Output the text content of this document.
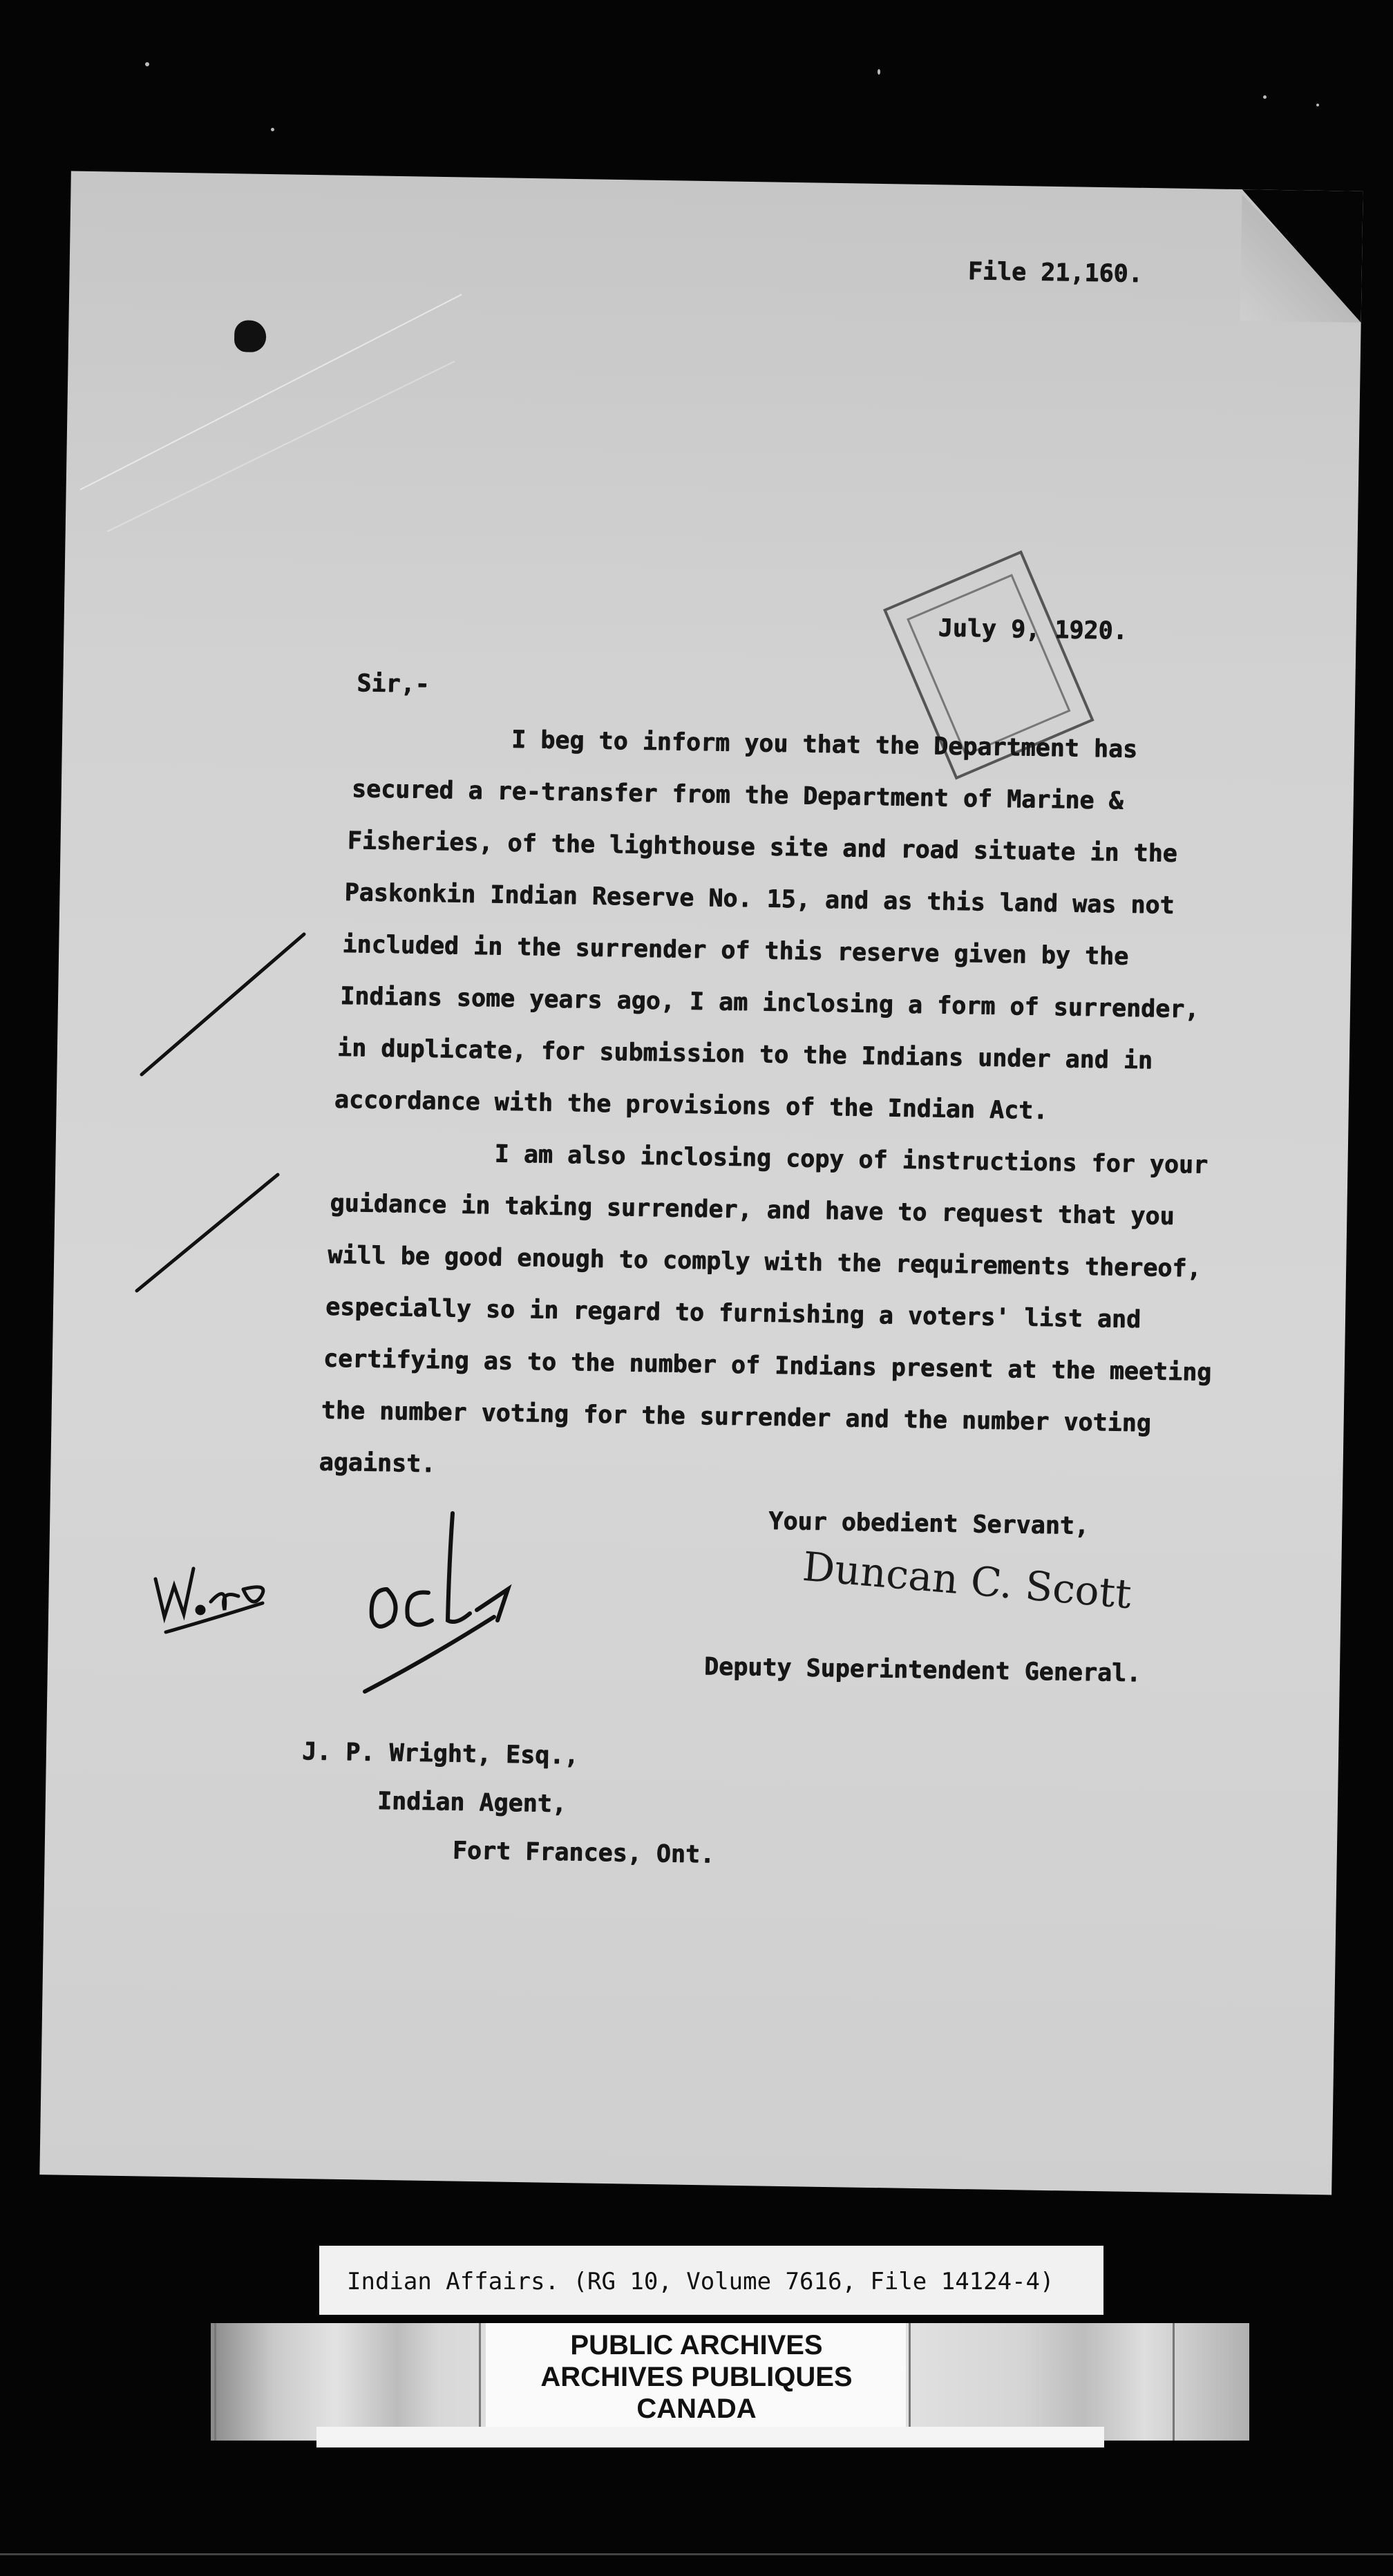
File 21,160.

July 9, 1920.

Sir,-

I beg to inform you that the Department has

secured a re-transfer from the Department of Marine &

Fisheries, of the lighthouse site and road situate in the

Paskonkin Indian Reserve No. 15, and as this land was not

included in the surrender of this reserve given by the

Indians some years ago, I am inclosing a form of surrender,

in duplicate, for submission to the Indians under and in

accordance with the provisions of the Indian Act.

I am also inclosing copy of instructions for your

guidance in taking surrender, and have to request that you

will be good enough to comply with the requirements thereof,

especially so in regard to furnishing a voters' list and

certifying as to the number of Indians present at the meeting

the number voting for the surrender and the number voting

against.

Your obedient Servant,

Duncan C. Scott

Deputy Superintendent General.

J. P. Wright, Esq.,

Indian Agent,

Fort Frances, Ont.

Indian Affairs. (RG 10, Volume 7616, File 14124-4)

PUBLIC ARCHIVES

ARCHIVES PUBLIQUES

CANADA
